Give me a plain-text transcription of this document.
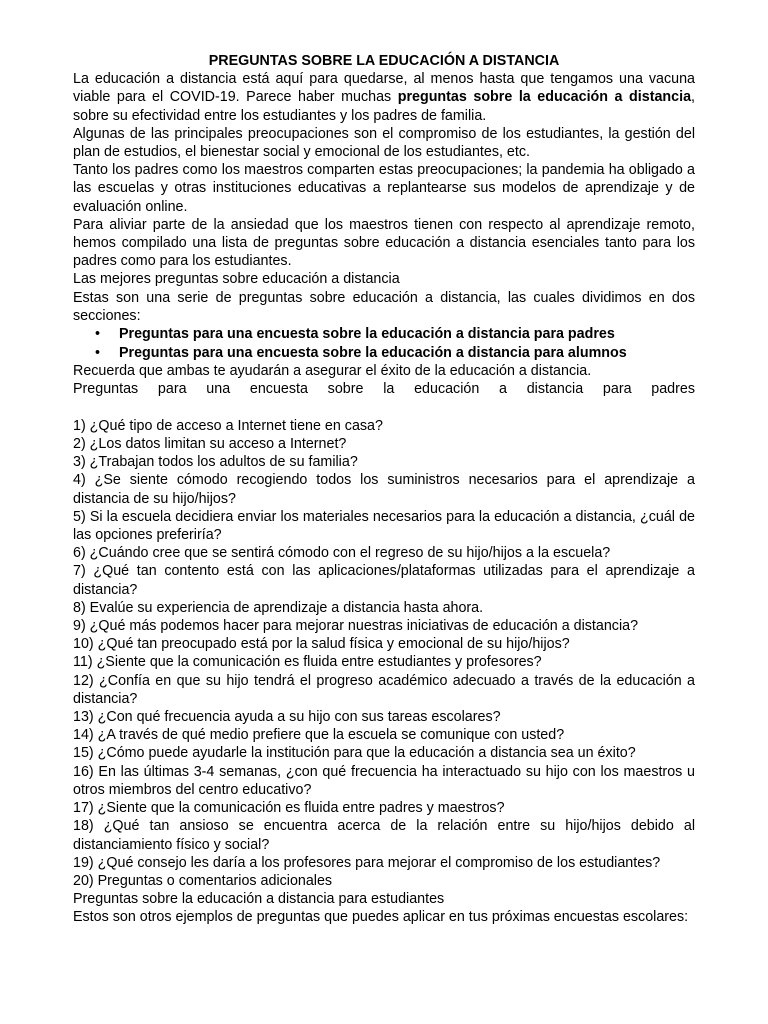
PREGUNTAS SOBRE LA EDUCACIÓN A DISTANCIA

La educación a distancia está aquí para quedarse, al menos hasta que tengamos una vacuna viable para el COVID-19. Parece haber muchas preguntas sobre la educación a distancia, sobre su efectividad entre los estudiantes y los padres de familia.

Algunas de las principales preocupaciones son el compromiso de los estudiantes, la gestión del plan de estudios, el bienestar social y emocional de los estudiantes, etc.

Tanto los padres como los maestros comparten estas preocupaciones; la pandemia ha obligado a las escuelas y otras instituciones educativas a replantearse sus modelos de aprendizaje y de evaluación online.

Para aliviar parte de la ansiedad que los maestros tienen con respecto al aprendizaje remoto, hemos compilado una lista de preguntas sobre educación a distancia esenciales tanto para los padres como para los estudiantes.

Las mejores preguntas sobre educación a distancia

Estas son una serie de preguntas sobre educación a distancia, las cuales dividimos en dos secciones:

• Preguntas para una encuesta sobre la educación a distancia para padres
• Preguntas para una encuesta sobre la educación a distancia para alumnos

Recuerda que ambas te ayudarán a asegurar el éxito de la educación a distancia.

Preguntas para una encuesta sobre la educación a distancia para padres

1) ¿Qué tipo de acceso a Internet tiene en casa?
2) ¿Los datos limitan su acceso a Internet?
3) ¿Trabajan todos los adultos de su familia?
4) ¿Se siente cómodo recogiendo todos los suministros necesarios para el aprendizaje a distancia de su hijo/hijos?
5) Si la escuela decidiera enviar los materiales necesarios para la educación a distancia, ¿cuál de las opciones preferiría?
6) ¿Cuándo cree que se sentirá cómodo con el regreso de su hijo/hijos a la escuela?
7) ¿Qué tan contento está con las aplicaciones/plataformas utilizadas para el aprendizaje a distancia?
8) Evalúe su experiencia de aprendizaje a distancia hasta ahora.
9) ¿Qué más podemos hacer para mejorar nuestras iniciativas de educación a distancia?
10) ¿Qué tan preocupado está por la salud física y emocional de su hijo/hijos?
11) ¿Siente que la comunicación es fluida entre estudiantes y profesores?
12) ¿Confía en que su hijo tendrá el progreso académico adecuado a través de la educación a distancia?
13) ¿Con qué frecuencia ayuda a su hijo con sus tareas escolares?
14) ¿A través de qué medio prefiere que la escuela se comunique con usted?
15) ¿Cómo puede ayudarle la institución para que la educación a distancia sea un éxito?
16) En las últimas 3-4 semanas, ¿con qué frecuencia ha interactuado su hijo con los maestros u otros miembros del centro educativo?
17) ¿Siente que la comunicación es fluida entre padres y maestros?
18) ¿Qué tan ansioso se encuentra acerca de la relación entre su hijo/hijos debido al distanciamiento físico y social?
19) ¿Qué consejo les daría a los profesores para mejorar el compromiso de los estudiantes?
20) Preguntas o comentarios adicionales

Preguntas sobre la educación a distancia para estudiantes

Estos son otros ejemplos de preguntas que puedes aplicar en tus próximas encuestas escolares:
